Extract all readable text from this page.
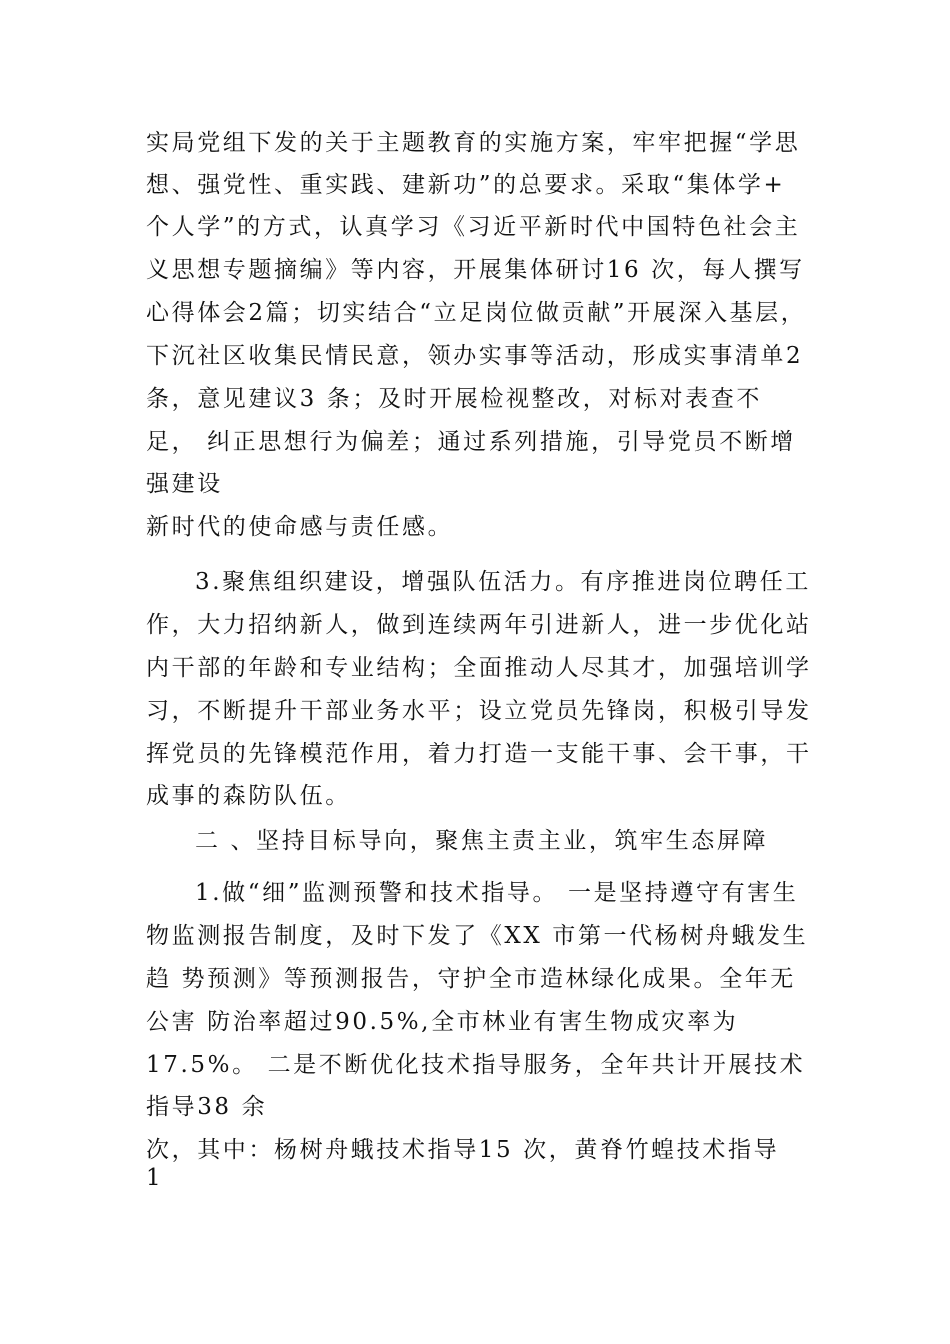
实局党组下发的关于主题教育的实施方案，牢牢把握“学思
想、强党性、重实践、建新功”的总要求。采取“集体学+
个人学”的方式，认真学习《习近平新时代中国特色社会主
义思想专题摘编》等内容，开展集体研讨16 次，每人撰写
心得体会2篇；切实结合“立足岗位做贡献”开展深入基层，
下沉社区收集民情民意，领办实事等活动，形成实事清单2
条，意见建议3 条；及时开展检视整改，对标对表查不
足， 纠正思想行为偏差；通过系列措施，引导党员不断增
强建设
新时代的使命感与责任感。
3.聚焦组织建设，增强队伍活力。有序推进岗位聘任工
作，大力招纳新人，做到连续两年引进新人，进一步优化站
内干部的年龄和专业结构；全面推动人尽其才，加强培训学
习，不断提升干部业务水平；设立党员先锋岗，积极引导发
挥党员的先锋模范作用，着力打造一支能干事、会干事，干
成事的森防队伍。
二 、坚持目标导向，聚焦主责主业，筑牢生态屏障
1.做“细”监测预警和技术指导。 一是坚持遵守有害生
物监测报告制度，及时下发了《XX 市第一代杨树舟蛾发生
趋 势预测》等预测报告，守护全市造林绿化成果。全年无
公害 防治率超过90.5%,全市林业有害生物成灾率为
17.5%。 二是不断优化技术指导服务，全年共计开展技术
指导38 余
次，其中：杨树舟蛾技术指导15 次，黄脊竹蝗技术指导
1
